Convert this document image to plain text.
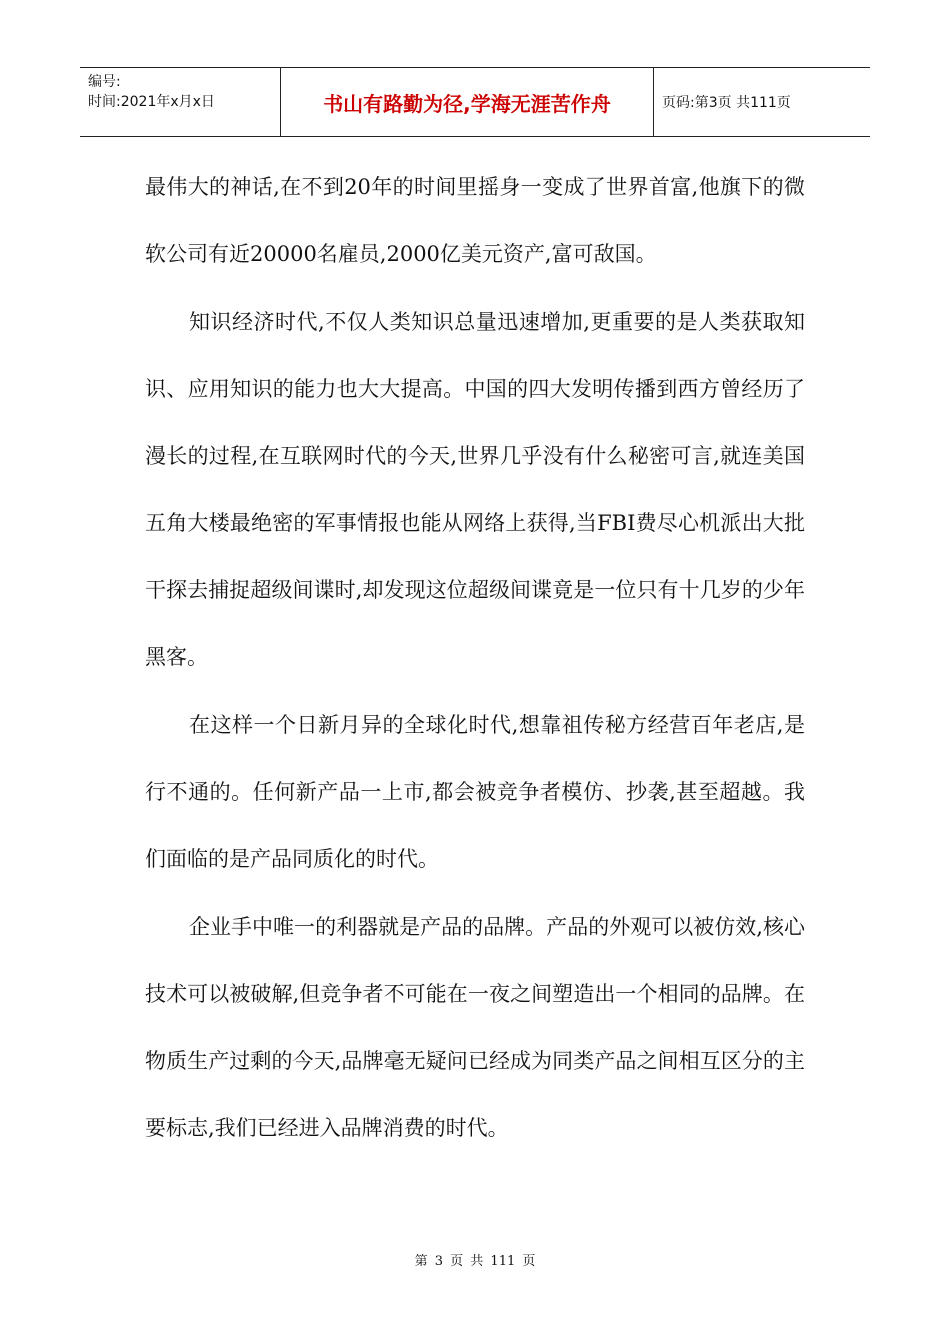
编号:
时间:2021年x月x日	书山有路勤为径,学海无涯苦作舟	页码:第3页 共111页

最伟大的神话,在不到20年的时间里摇身一变成了世界首富,他旗下的微软公司有近20000名雇员,2000亿美元资产,富可敌国。

知识经济时代,不仅人类知识总量迅速增加,更重要的是人类获取知识、应用知识的能力也大大提高。中国的四大发明传播到西方曾经历了漫长的过程,在互联网时代的今天,世界几乎没有什么秘密可言,就连美国五角大楼最绝密的军事情报也能从网络上获得,当FBI费尽心机派出大批干探去捕捉超级间谍时,却发现这位超级间谍竟是一位只有十几岁的少年黑客。

在这样一个日新月异的全球化时代,想靠祖传秘方经营百年老店,是行不通的。任何新产品一上市,都会被竞争者模仿、抄袭,甚至超越。我们面临的是产品同质化的时代。

企业手中唯一的利器就是产品的品牌。产品的外观可以被仿效,核心技术可以被破解,但竞争者不可能在一夜之间塑造出一个相同的品牌。在物质生产过剩的今天,品牌毫无疑问已经成为同类产品之间相互区分的主要标志,我们已经进入品牌消费的时代。

第 3 页 共 111 页
